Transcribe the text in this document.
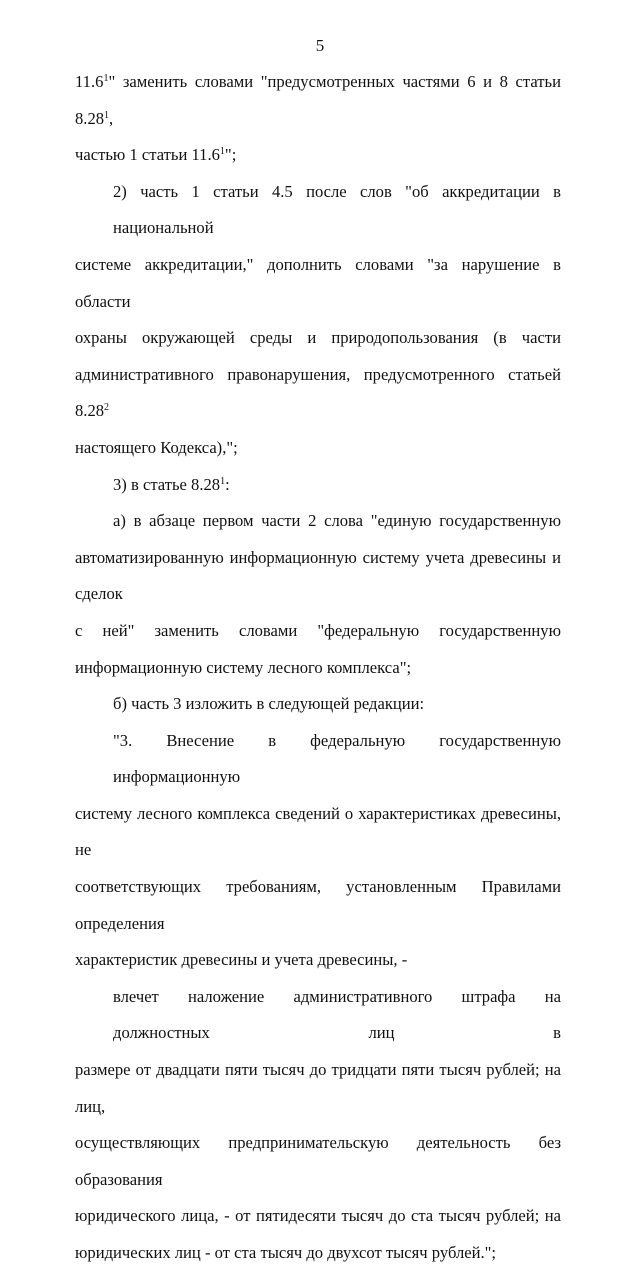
5
11.6$^1$" заменить словами "предусмотренных частями 6 и 8 статьи 8.28$^1$,
частью 1 статьи 11.6$^1$";
2) часть 1 статьи 4.5 после слов "об аккредитации в национальной
системе аккредитации," дополнить словами "за нарушение в области
охраны окружающей среды и природопользования (в части
административного правонарушения, предусмотренного статьей 8.28$^2$
настоящего Кодекса),";
3) в статье 8.28$^1$:
а) в абзаце первом части 2 слова "единую государственную
автоматизированную информационную систему учета древесины и сделок
с ней" заменить словами "федеральную государственную
информационную систему лесного комплекса";
б) часть 3 изложить в следующей редакции:
"3. Внесение в федеральную государственную информационную
систему лесного комплекса сведений о характеристиках древесины, не
соответствующих требованиям, установленным Правилами определения
характеристик древесины и учета древесины, -
влечет наложение административного штрафа на должностных лиц в
размере от двадцати пяти тысяч до тридцати пяти тысяч рублей; на лиц,
осуществляющих предпринимательскую деятельность без образования
юридического лица, - от пятидесяти тысяч до ста тысяч рублей; на
юридических лиц - от ста тысяч до двухсот тысяч рублей.";
